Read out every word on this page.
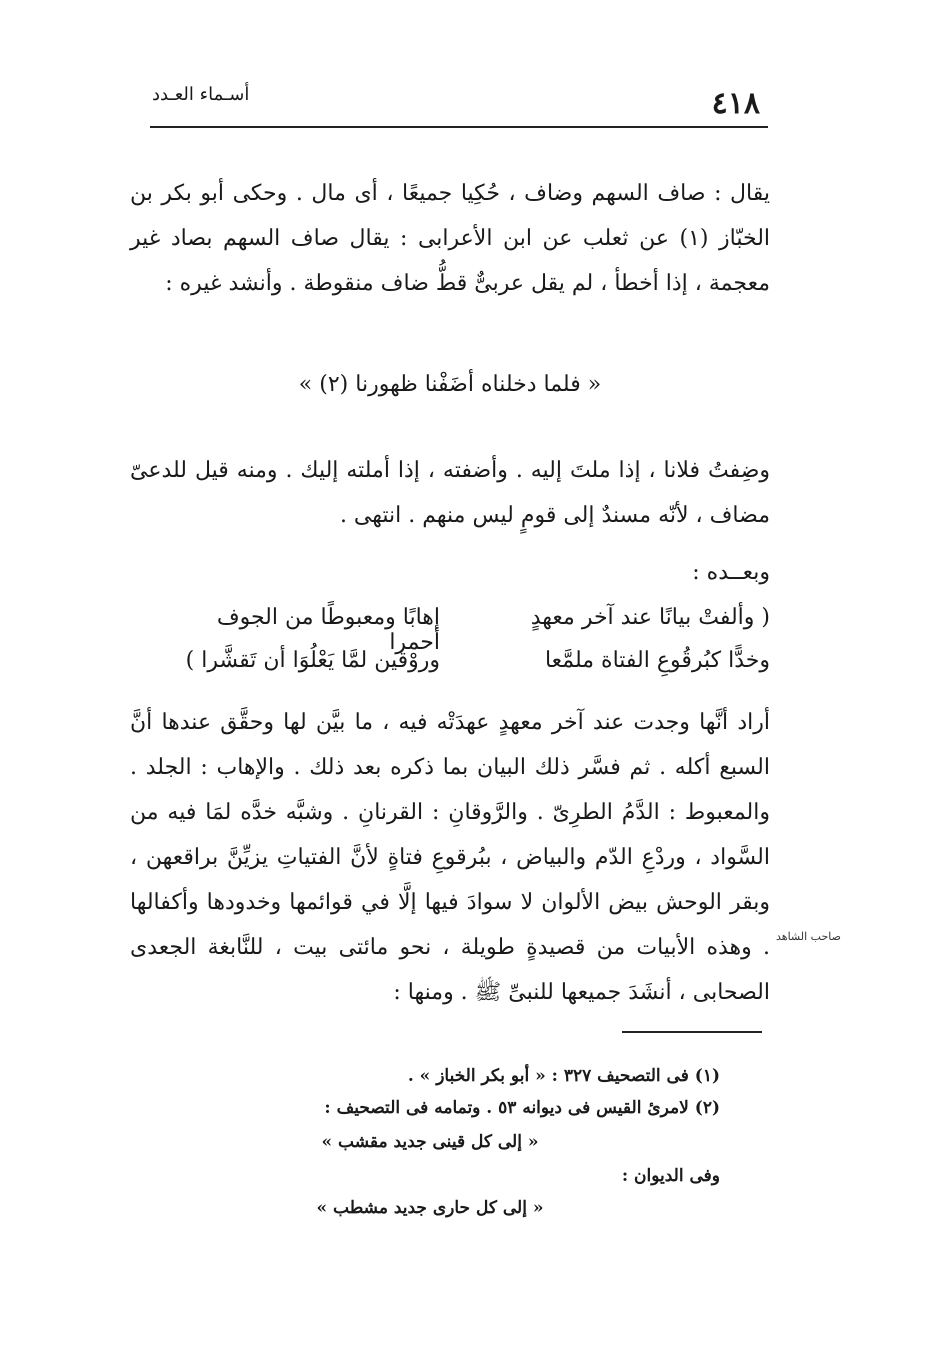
٤١٨
أسـماء العـدد
يقال : صاف السهم وضاف ، حُكِيا جميعًا ، أى مال . وحكى أبو بكر بن الخبّاز (١) عن ثعلب عن ابن الأعرابى : يقال صاف السهم بصاد غير معجمة ، إذا أخطأ ، لم يقل عربىٌّ قطُّ ضاف منقوطة . وأنشد غيره :
« فلما دخلناه أضَفْنا ظهورنا (٢) »
وضِفتُ فلانا ، إذا ملتَ إليه . وأضفته ، إذا أملته إليك . ومنه قيل للدعىّ مضاف ، لأنّه مسندٌ إلى قومٍ ليس منهم . انتهى .
وبعــده :
( وألفتْ بيانًا عند آخر معهدٍ
إهابًا ومعبوطًا من الجوف أحمرا
وخدًّا كبُرقُوعِ الفتاة ملمَّعا
وروْقين لمَّا يَعْلُوَا أن تَقشَّرا )
أراد أنَّها وجدت عند آخر معهدٍ عهدَتْه فيه ، ما بيَّن لها وحقَّق عندها أنَّ السبع أكله . ثم فسَّر ذلك البيان بما ذكره بعد ذلك . والإهاب : الجلد . والمعبوط : الدَّمُ الطرِىّ . والرَّوقانِ : القرنانِ . وشبَّه خدَّه لمَا فيه من السَّواد ، وردْعِ الدّم والبياض ، ببُرقوعِ فتاةٍ لأنَّ الفتياتِ يزيِّنَّ براقعهن ، وبقر الوحش بيض الألوان لا سوادَ فيها إلَّا في قوائمها وخدودها وأكفالها . وهذه الأبيات من قصيدةٍ طويلة ، نحو مائتى بيت ، للنَّابغة الجعدى الصحابى ، أنشَدَ جميعها للنبىِّ ﷺ . ومنها :
صاحب الشاهد
(١) فى التصحيف ٣٢٧ : « أبو بكر الخباز » .
(٢) لامرئ القيس فى ديوانه ٥٣ . وتمامه فى التصحيف :
« إلى كل قينى جديد مقشب »
وفى الديوان :
« إلى كل حارى جديد مشطب »
